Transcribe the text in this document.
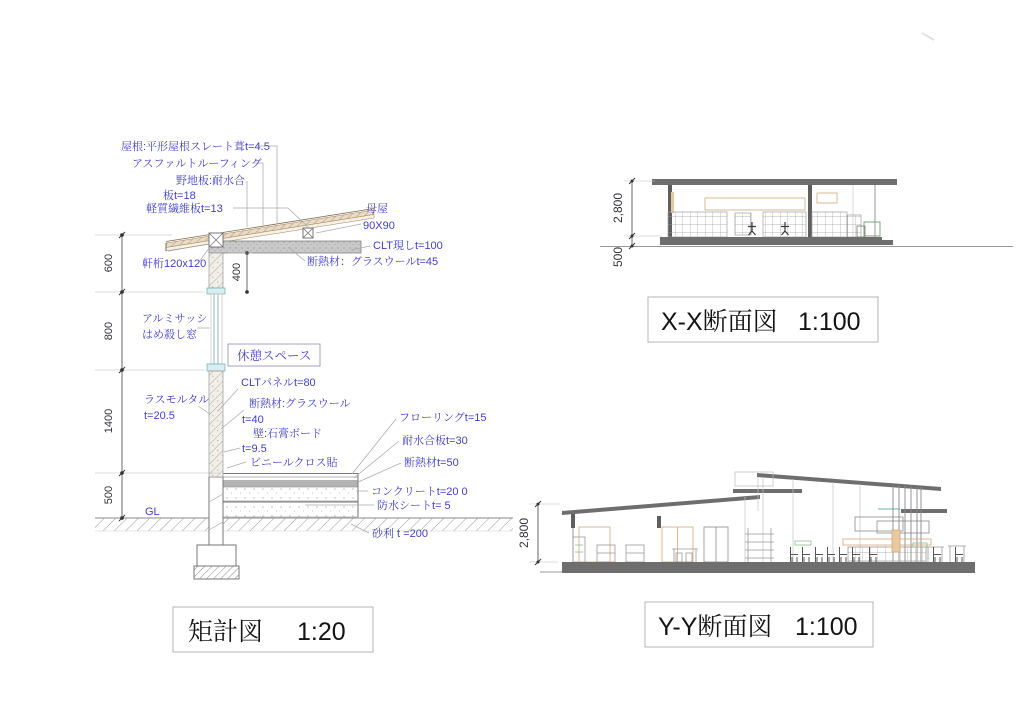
600
800
1400
500
400
屋根:平形屋根スレート葺t=4.5
アスファルトルーフィング
野地板:耐水合
板t=18
軽質繊維板t=13	母屋
90X90
CLT現しt=100
断熱材：グラスウールt=45
軒桁120x120
アルミサッシ
はめ殺し窓
ラスモルタル
t=20.5
CLTパネルt=80
断熱材:グラスウール
t=40
壁:石膏ボード
t=9.5
ビニールクロス貼
フローリングt=15
耐水合板t=30
断熱材t=50
コンクリートt=20 0
防水シートt= 5
砂利 t =200
GL
休憩スペース
矩計図 1:20
2,800
500
X-X断面図 1:100
2,800
Y-Y断面図 1:100
